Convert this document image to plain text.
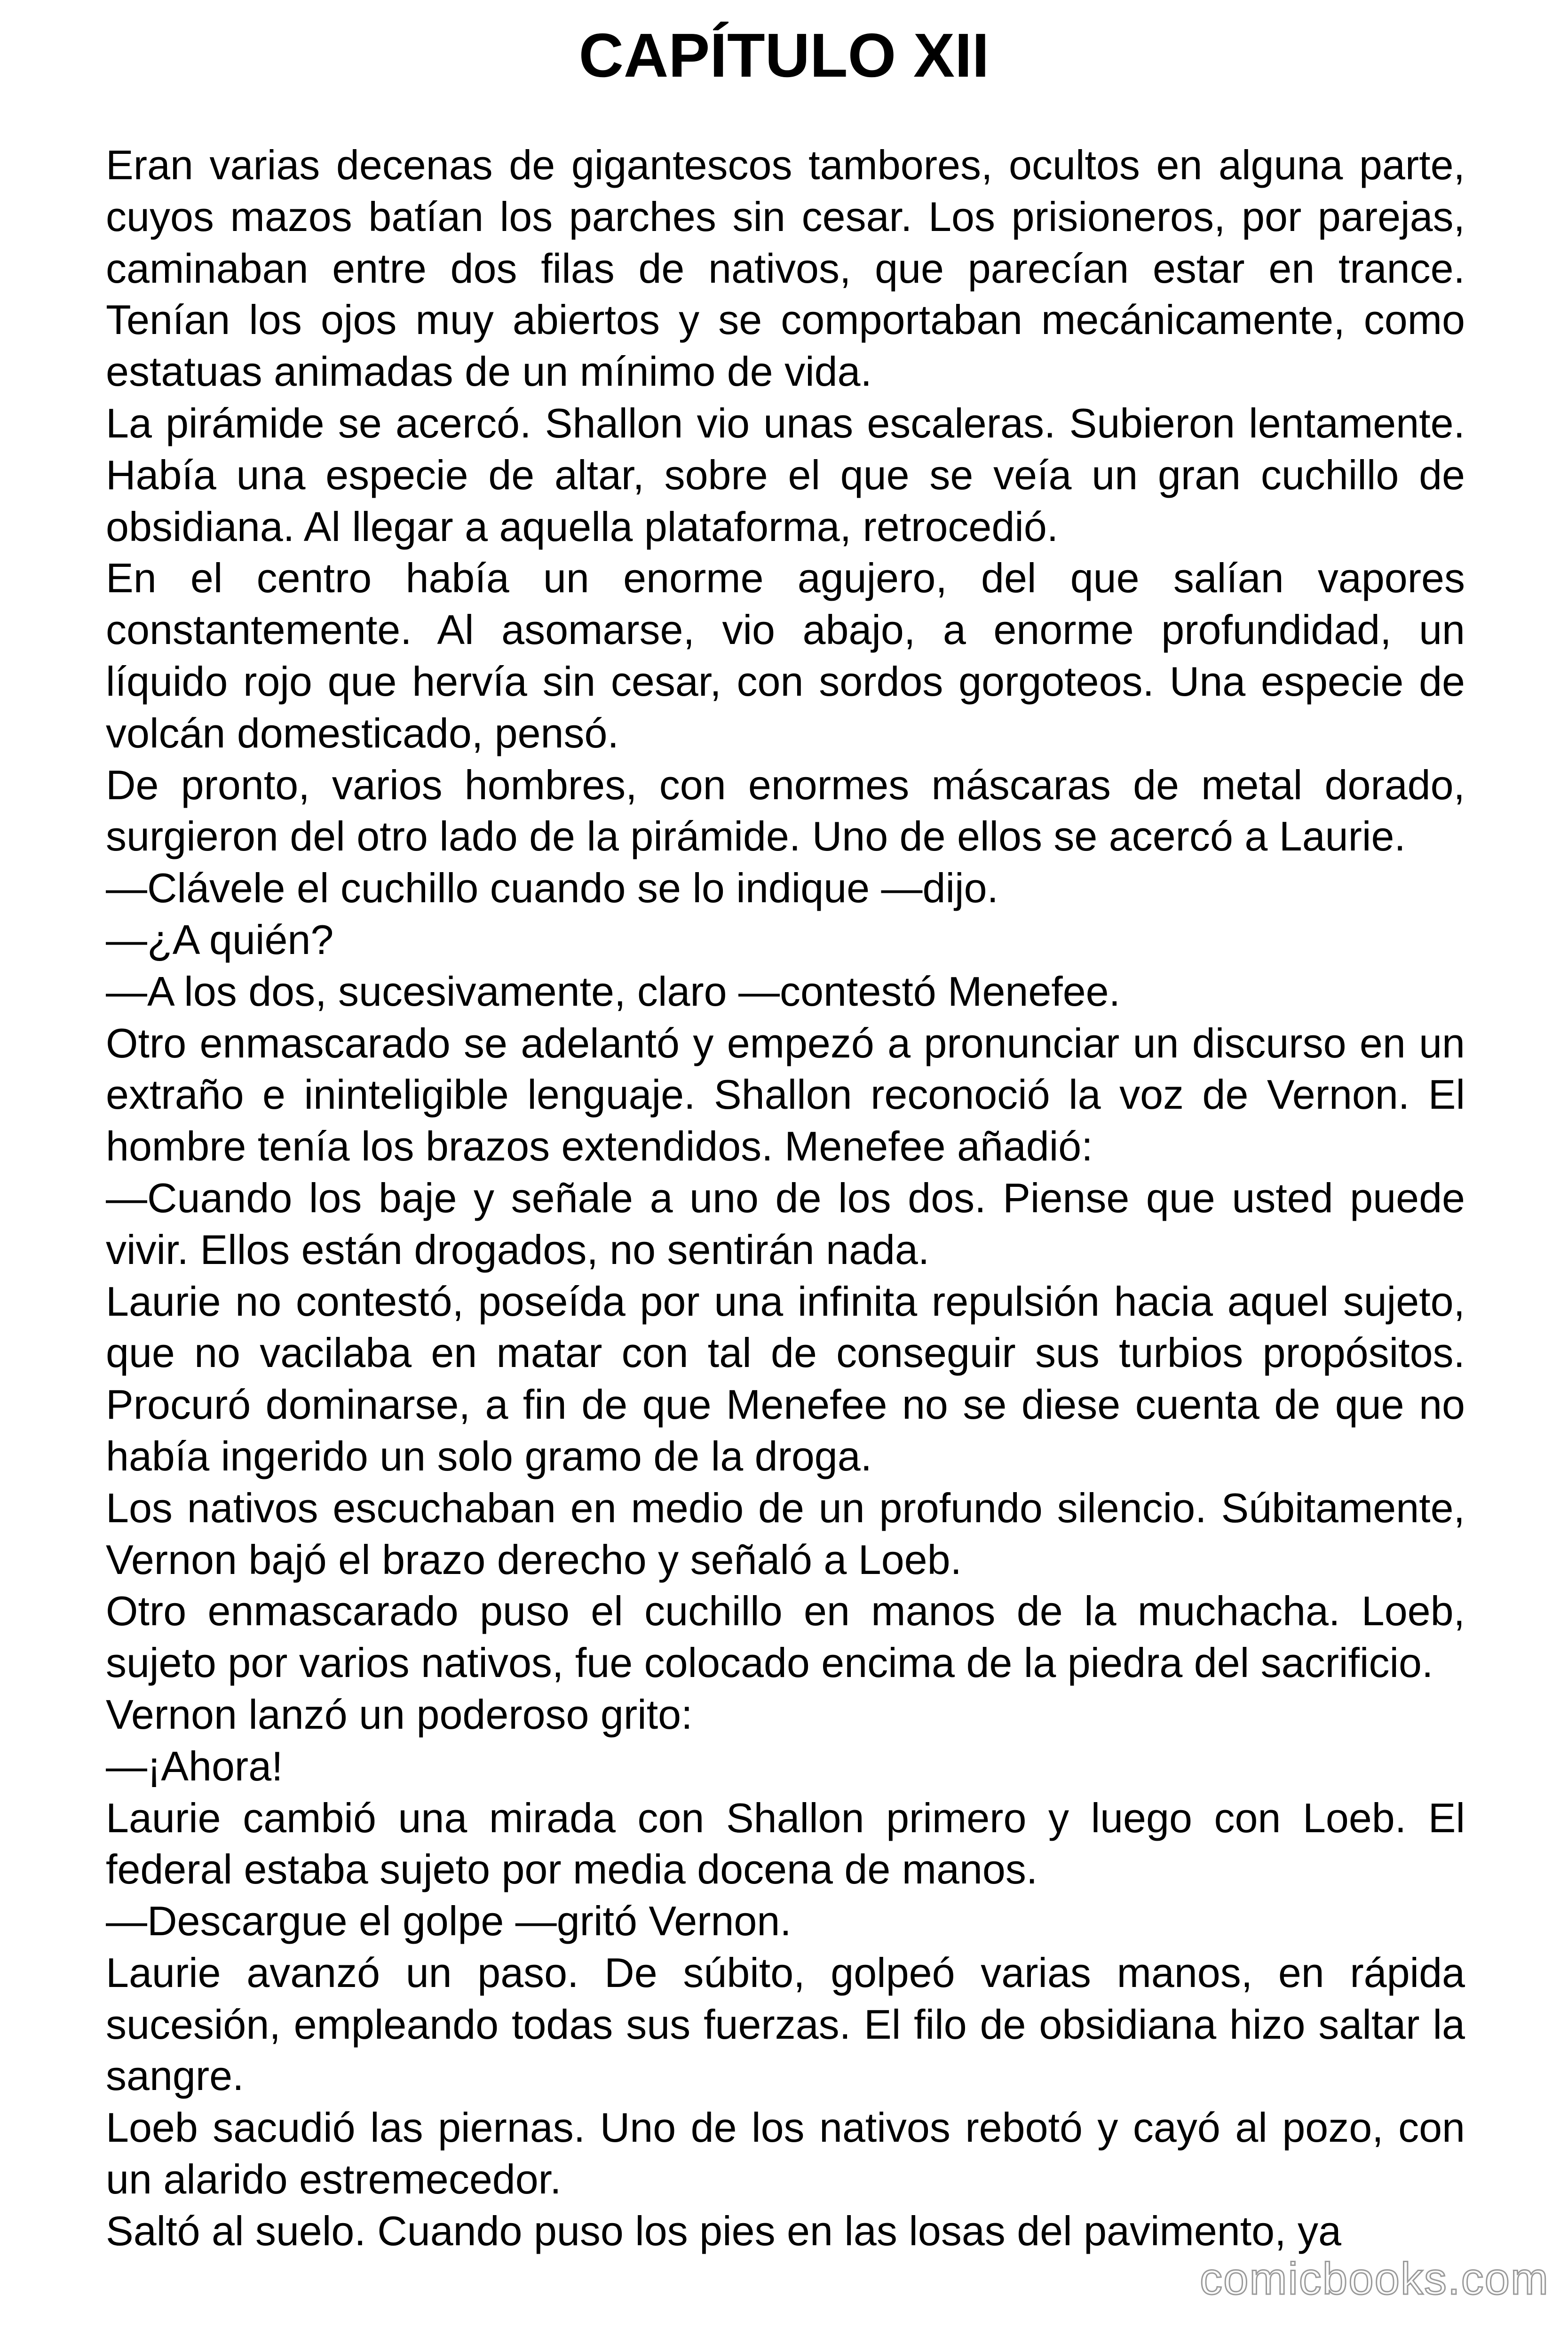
CAPÍTULO XII

Eran varias decenas de gigantescos tambores, ocultos en alguna parte, cuyos mazos batían los parches sin cesar. Los prisioneros, por parejas, caminaban entre dos filas de nativos, que parecían estar en trance. Tenían los ojos muy abiertos y se comportaban mecánicamente, como estatuas animadas de un mínimo de vida.

La pirámide se acercó. Shallon vio unas escaleras. Subieron lentamente. Había una especie de altar, sobre el que se veía un gran cuchillo de obsidiana. Al llegar a aquella plataforma, retrocedió.

En el centro había un enorme agujero, del que salían vapores constantemente. Al asomarse, vio abajo, a enorme profundidad, un líquido rojo que hervía sin cesar, con sordos gorgoteos. Una especie de volcán domesticado, pensó.

De pronto, varios hombres, con enormes máscaras de metal dorado, surgieron del otro lado de la pirámide. Uno de ellos se acercó a Laurie.

—Clávele el cuchillo cuando se lo indique —dijo.

—¿A quién?

—A los dos, sucesivamente, claro —contestó Menefee.

Otro enmascarado se adelantó y empezó a pronunciar un discurso en un extraño e ininteligible lenguaje. Shallon reconoció la voz de Vernon. El hombre tenía los brazos extendidos. Menefee añadió:

—Cuando los baje y señale a uno de los dos. Piense que usted puede vivir. Ellos están drogados, no sentirán nada.

Laurie no contestó, poseída por una infinita repulsión hacia aquel sujeto, que no vacilaba en matar con tal de conseguir sus turbios propósitos. Procuró dominarse, a fin de que Menefee no se diese cuenta de que no había ingerido un solo gramo de la droga.

Los nativos escuchaban en medio de un profundo silencio. Súbitamente, Vernon bajó el brazo derecho y señaló a Loeb.

Otro enmascarado puso el cuchillo en manos de la muchacha. Loeb, sujeto por varios nativos, fue colocado encima de la piedra del sacrificio.

Vernon lanzó un poderoso grito:

—¡Ahora!

Laurie cambió una mirada con Shallon primero y luego con Loeb. El federal estaba sujeto por media docena de manos.

—Descargue el golpe —gritó Vernon.

Laurie avanzó un paso. De súbito, golpeó varias manos, en rápida sucesión, empleando todas sus fuerzas. El filo de obsidiana hizo saltar la sangre.

Loeb sacudió las piernas. Uno de los nativos rebotó y cayó al pozo, con un alarido estremecedor.

Saltó al suelo. Cuando puso los pies en las losas del pavimento, ya

comicbooks.com
